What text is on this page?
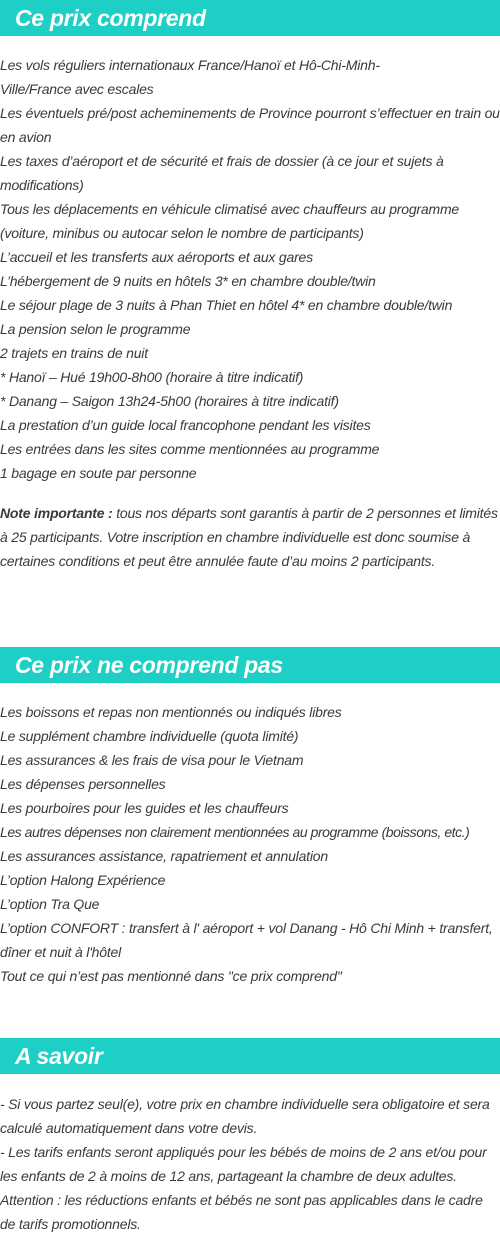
Ce prix comprend

Les vols réguliers internationaux France/Hanoï et Hô-Chi-Minh-Ville/France avec escales

Les éventuels pré/post acheminements de Province pourront s’effectuer en train ou en avion

Les taxes d’aéroport et de sécurité et frais de dossier (à ce jour et sujets à modifications)

Tous les déplacements en véhicule climatisé avec chauffeurs au programme (voiture, minibus ou autocar selon le nombre de participants)

L’accueil et les transferts aux aéroports et aux gares

L’hébergement de 9 nuits en hôtels 3* en chambre double/twin

Le séjour plage de 3 nuits à Phan Thiet en hôtel 4* en chambre double/twin

La pension selon le programme

2 trajets en trains de nuit

* Hanoï – Hué 19h00-8h00 (horaire à titre indicatif)

* Danang – Saigon 13h24-5h00 (horaires à titre indicatif)

La prestation d’un guide local francophone pendant les visites

Les entrées dans les sites comme mentionnées au programme

1 bagage en soute par personne

Note importante : tous nos départs sont garantis à partir de 2 personnes et limités à 25 participants. Votre inscription en chambre individuelle est donc soumise à certaines conditions et peut être annulée faute d’au moins 2 participants.

Ce prix ne comprend pas

Les boissons et repas non mentionnés ou indiqués libres

Le supplément chambre individuelle (quota limité)

Les assurances & les frais de visa pour le Vietnam

Les dépenses personnelles

Les pourboires pour les guides et les chauffeurs

Les autres dépenses non clairement mentionnées au programme (boissons, etc.)

Les assurances assistance, rapatriement et annulation

L’option Halong Expérience

L’option Tra Que

L’option CONFORT : transfert à l' aéroport + vol Danang - Hô Chi Minh + transfert, dîner et nuit à l'hôtel

Tout ce qui n’est pas mentionné dans "ce prix comprend"

A savoir

- Si vous partez seul(e), votre prix en chambre individuelle sera obligatoire et sera calculé automatiquement dans votre devis.

- Les tarifs enfants seront appliqués pour les bébés de moins de 2 ans et/ou pour les enfants de 2 à moins de 12 ans, partageant la chambre de deux adultes.

Attention : les réductions enfants et bébés ne sont pas applicables dans le cadre de tarifs promotionnels.
